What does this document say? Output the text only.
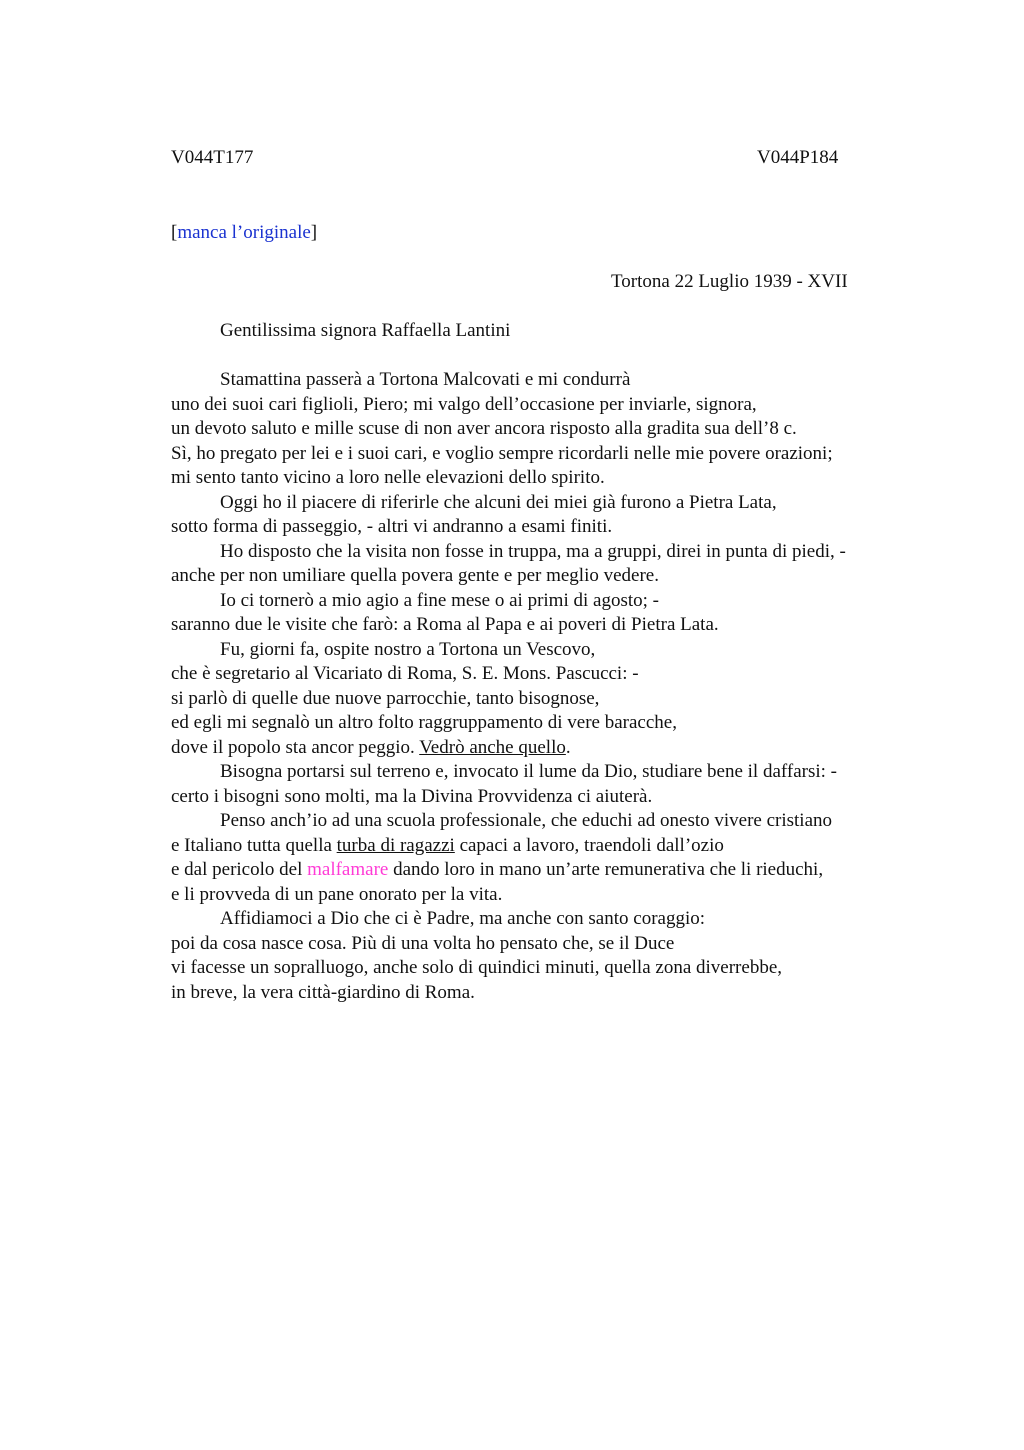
V044T177	V044P184
[manca l’originale]
Tortona 22 Luglio 1939 - XVII
Gentilissima signora Raffaella Lantini
Stamattina passerà a Tortona Malcovati e mi condurrà
uno dei suoi cari figlioli, Piero; mi valgo dell’occasione per inviarle, signora,
un devoto saluto e mille scuse di non aver ancora risposto alla gradita sua dell’8 c.
Sì, ho pregato per lei e i suoi cari, e voglio sempre ricordarli nelle mie povere orazioni;
mi sento tanto vicino a loro nelle elevazioni dello spirito.
Oggi ho il piacere di riferirle che alcuni dei miei già furono a Pietra Lata,
sotto forma di passeggio, - altri vi andranno a esami finiti.
Ho disposto che la visita non fosse in truppa, ma a gruppi, direi in punta di piedi, -
anche per non umiliare quella povera gente e per meglio vedere.
Io ci tornerò a mio agio a fine mese o ai primi di agosto; -
saranno due le visite che farò: a Roma al Papa e ai poveri di Pietra Lata.
Fu, giorni fa, ospite nostro a Tortona un Vescovo,
che è segretario al Vicariato di Roma, S. E. Mons. Pascucci: -
si parlò di quelle due nuove parrocchie, tanto bisognose,
ed egli mi segnalò un altro folto raggruppamento di vere baracche,
dove il popolo sta ancor peggio. Vedrò anche quello.
Bisogna portarsi sul terreno e, invocato il lume da Dio, studiare bene il daffarsi: -
certo i bisogni sono molti, ma la Divina Provvidenza ci aiuterà.
Penso anch’io ad una scuola professionale, che educhi ad onesto vivere cristiano
e Italiano tutta quella turba di ragazzi capaci a lavoro, traendoli dall’ozio
e dal pericolo del malfamare dando loro in mano un’arte remunerativa che li rieduchi,
e li provveda di un pane onorato per la vita.
Affidiamoci a Dio che ci è Padre, ma anche con santo coraggio:
poi da cosa nasce cosa. Più di una volta ho pensato che, se il Duce
vi facesse un sopralluogo, anche solo di quindici minuti, quella zona diverrebbe,
in breve, la vera città-giardino di Roma.
